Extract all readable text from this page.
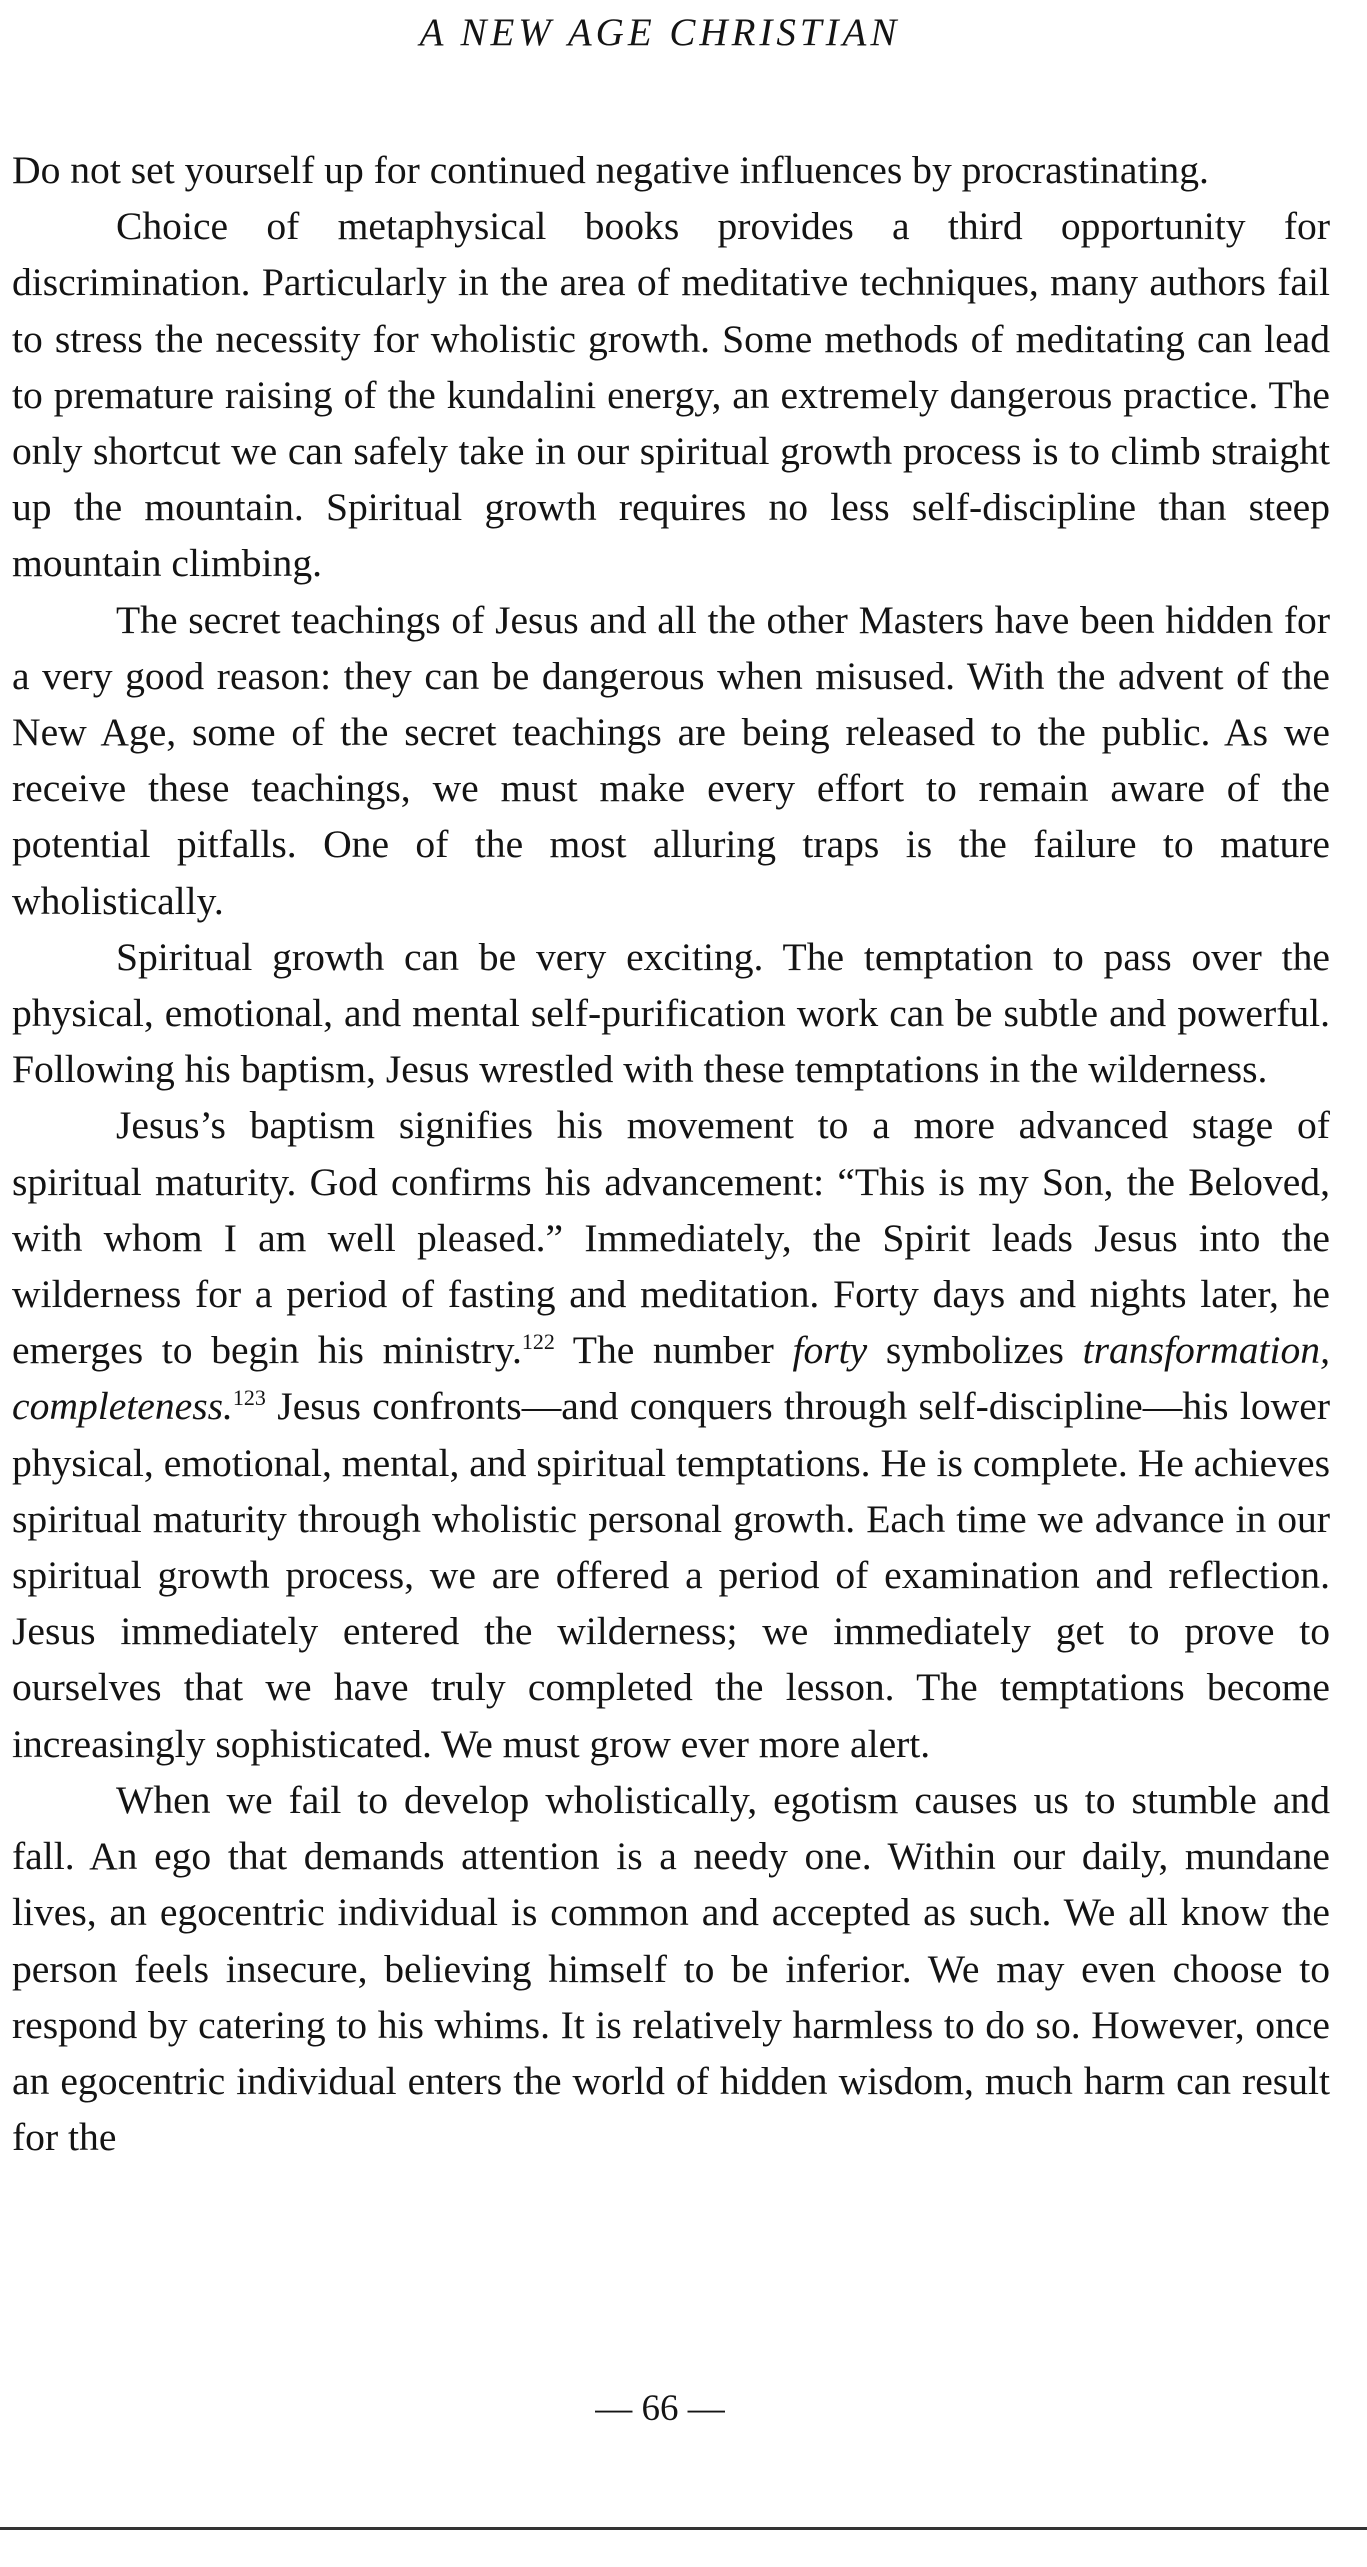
A NEW AGE CHRISTIAN

Do not set yourself up for continued negative influences by procrastinating.

Choice of metaphysical books provides a third opportunity for discrimination. Particularly in the area of meditative techniques, many authors fail to stress the necessity for wholistic growth. Some methods of meditating can lead to premature raising of the kundalini energy, an extremely dangerous practice. The only shortcut we can safely take in our spiritual growth process is to climb straight up the mountain. Spiritual growth requires no less self-discipline than steep mountain climbing.

The secret teachings of Jesus and all the other Masters have been hidden for a very good reason: they can be dangerous when misused. With the advent of the New Age, some of the secret teachings are being released to the public. As we receive these teachings, we must make every effort to remain aware of the potential pitfalls. One of the most alluring traps is the failure to mature wholistically.

Spiritual growth can be very exciting. The temptation to pass over the physical, emotional, and mental self-purification work can be subtle and powerful. Following his baptism, Jesus wrestled with these temptations in the wilderness.

Jesus’s baptism signifies his movement to a more advanced stage of spiritual maturity. God confirms his advancement: “This is my Son, the Beloved, with whom I am well pleased.” Immediately, the Spirit leads Jesus into the wilderness for a period of fasting and meditation. Forty days and nights later, he emerges to begin his ministry.$^{122}$ The number forty symbolizes transformation, completeness.$^{123}$ Jesus confronts—and conquers through self-discipline—his lower physical, emotional, mental, and spiritual temptations. He is complete. He achieves spiritual maturity through wholistic personal growth. Each time we advance in our spiritual growth process, we are offered a period of examination and reflection. Jesus immediately entered the wilderness; we immediately get to prove to ourselves that we have truly completed the lesson. The temptations become increasingly sophisticated. We must grow ever more alert.

When we fail to develop wholistically, egotism causes us to stumble and fall. An ego that demands attention is a needy one. Within our daily, mundane lives, an egocentric individual is common and accepted as such. We all know the person feels insecure, believing himself to be inferior. We may even choose to respond by catering to his whims. It is relatively harmless to do so. However, once an egocentric individual enters the world of hidden wisdom, much harm can result for the

— 66 —
